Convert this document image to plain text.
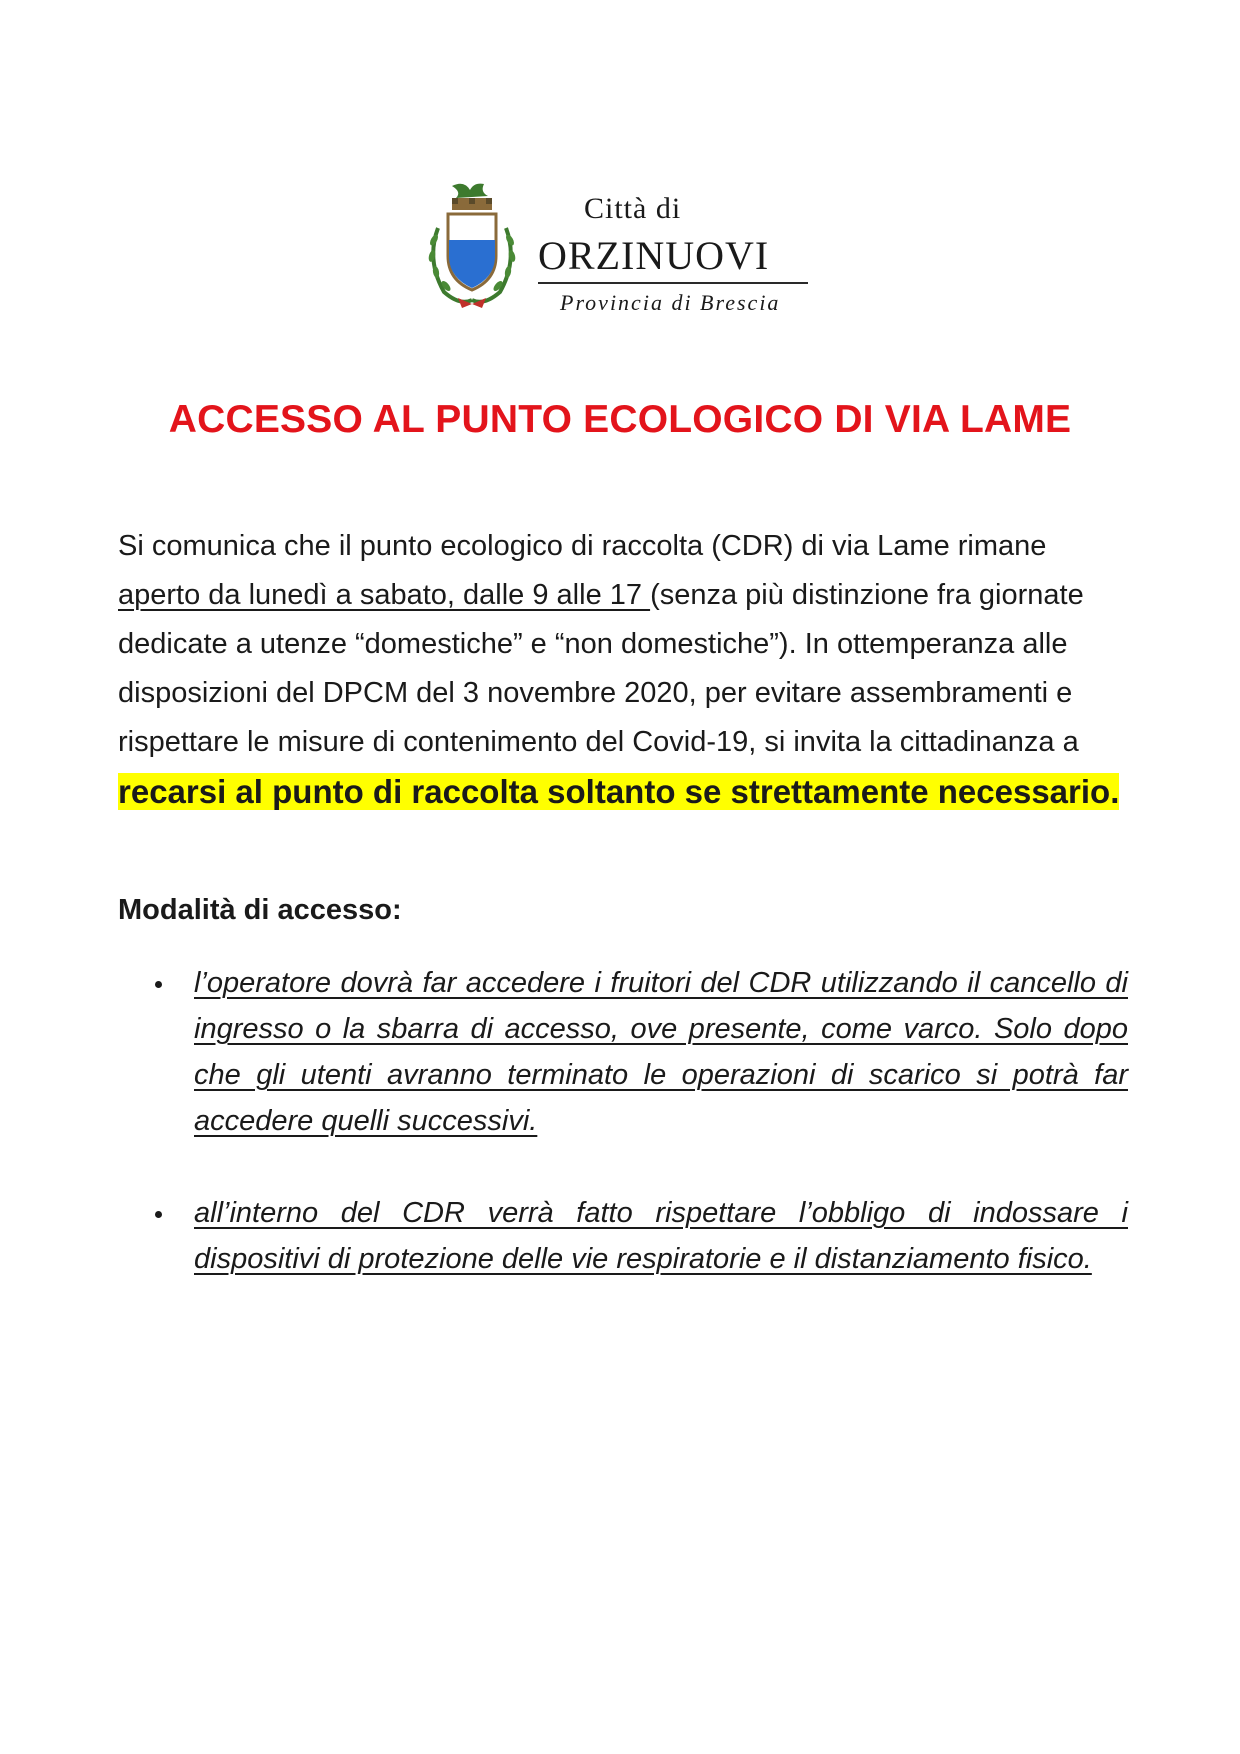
Città di
ORZINUOVI
Provincia di Brescia
ACCESSO AL PUNTO ECOLOGICO DI VIA LAME

Si comunica che il punto ecologico di raccolta (CDR) di via Lame rimane aperto da lunedì a sabato, dalle 9 alle 17 (senza più distinzione fra giornate dedicate a utenze “domestiche” e “non domestiche”). In ottemperanza alle disposizioni del DPCM del 3 novembre 2020, per evitare assembramenti e rispettare le misure di contenimento del Covid-19, si invita la cittadinanza a recarsi al punto di raccolta soltanto se strettamente necessario.

Modalità di accesso:
l’operatore dovrà far accedere i fruitori del CDR utilizzando il cancello di ingresso o la sbarra di accesso, ove presente, come varco. Solo dopo che gli utenti avranno terminato le operazioni di scarico si potrà far accedere quelli successivi.
all’interno del CDR verrà fatto rispettare l’obbligo di indossare i dispositivi di protezione delle vie respiratorie e il distanziamento fisico.
